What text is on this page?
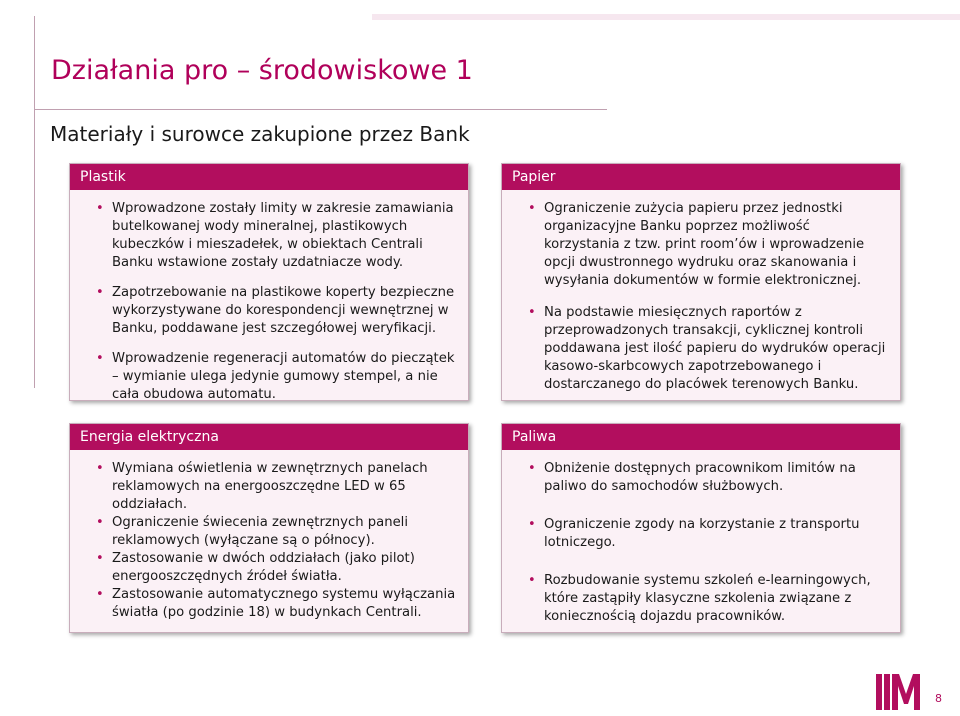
Działania pro – środowiskowe 1
Materiały i surowce zakupione przez Bank
Plastik
• Wprowadzone zostały limity w zakresie zamawiania butelkowanej wody mineralnej, plastikowych kubeczków i mieszadełek, w obiektach Centrali Banku wstawione zostały uzdatniacze wody.
• Zapotrzebowanie na plastikowe koperty bezpieczne wykorzystywane do korespondencji wewnętrznej w Banku, poddawane jest szczegółowej weryfikacji.
• Wprowadzenie regeneracji automatów do pieczątek – wymianie ulega jedynie gumowy stempel, a nie cała obudowa automatu.
Papier
• Ograniczenie zużycia papieru przez jednostki organizacyjne Banku poprzez możliwość korzystania z tzw. print room’ów i wprowadzenie opcji dwustronnego wydruku oraz skanowania i wysyłania dokumentów w formie elektronicznej.
• Na podstawie miesięcznych raportów z przeprowadzonych transakcji, cyklicznej kontroli poddawana jest ilość papieru do wydruków operacji kasowo-skarbcowych zapotrzebowanego i dostarczanego do placówek terenowych Banku.
Energia elektryczna
• Wymiana oświetlenia w zewnętrznych panelach reklamowych na energooszczędne LED w 65 oddziałach.
• Ograniczenie świecenia zewnętrznych paneli reklamowych (wyłączane są o północy).
• Zastosowanie w dwóch oddziałach (jako pilot) energooszczędnych źródeł światła.
• Zastosowanie automatycznego systemu wyłączania światła (po godzinie 18) w budynkach Centrali.
Paliwa
• Obniżenie dostępnych pracownikom limitów na paliwo do samochodów służbowych.
• Ograniczenie zgody na korzystanie z transportu lotniczego.
• Rozbudowanie systemu szkoleń e-learningowych, które zastąpiły klasyczne szkolenia związane z koniecznością dojazdu pracowników.
8
